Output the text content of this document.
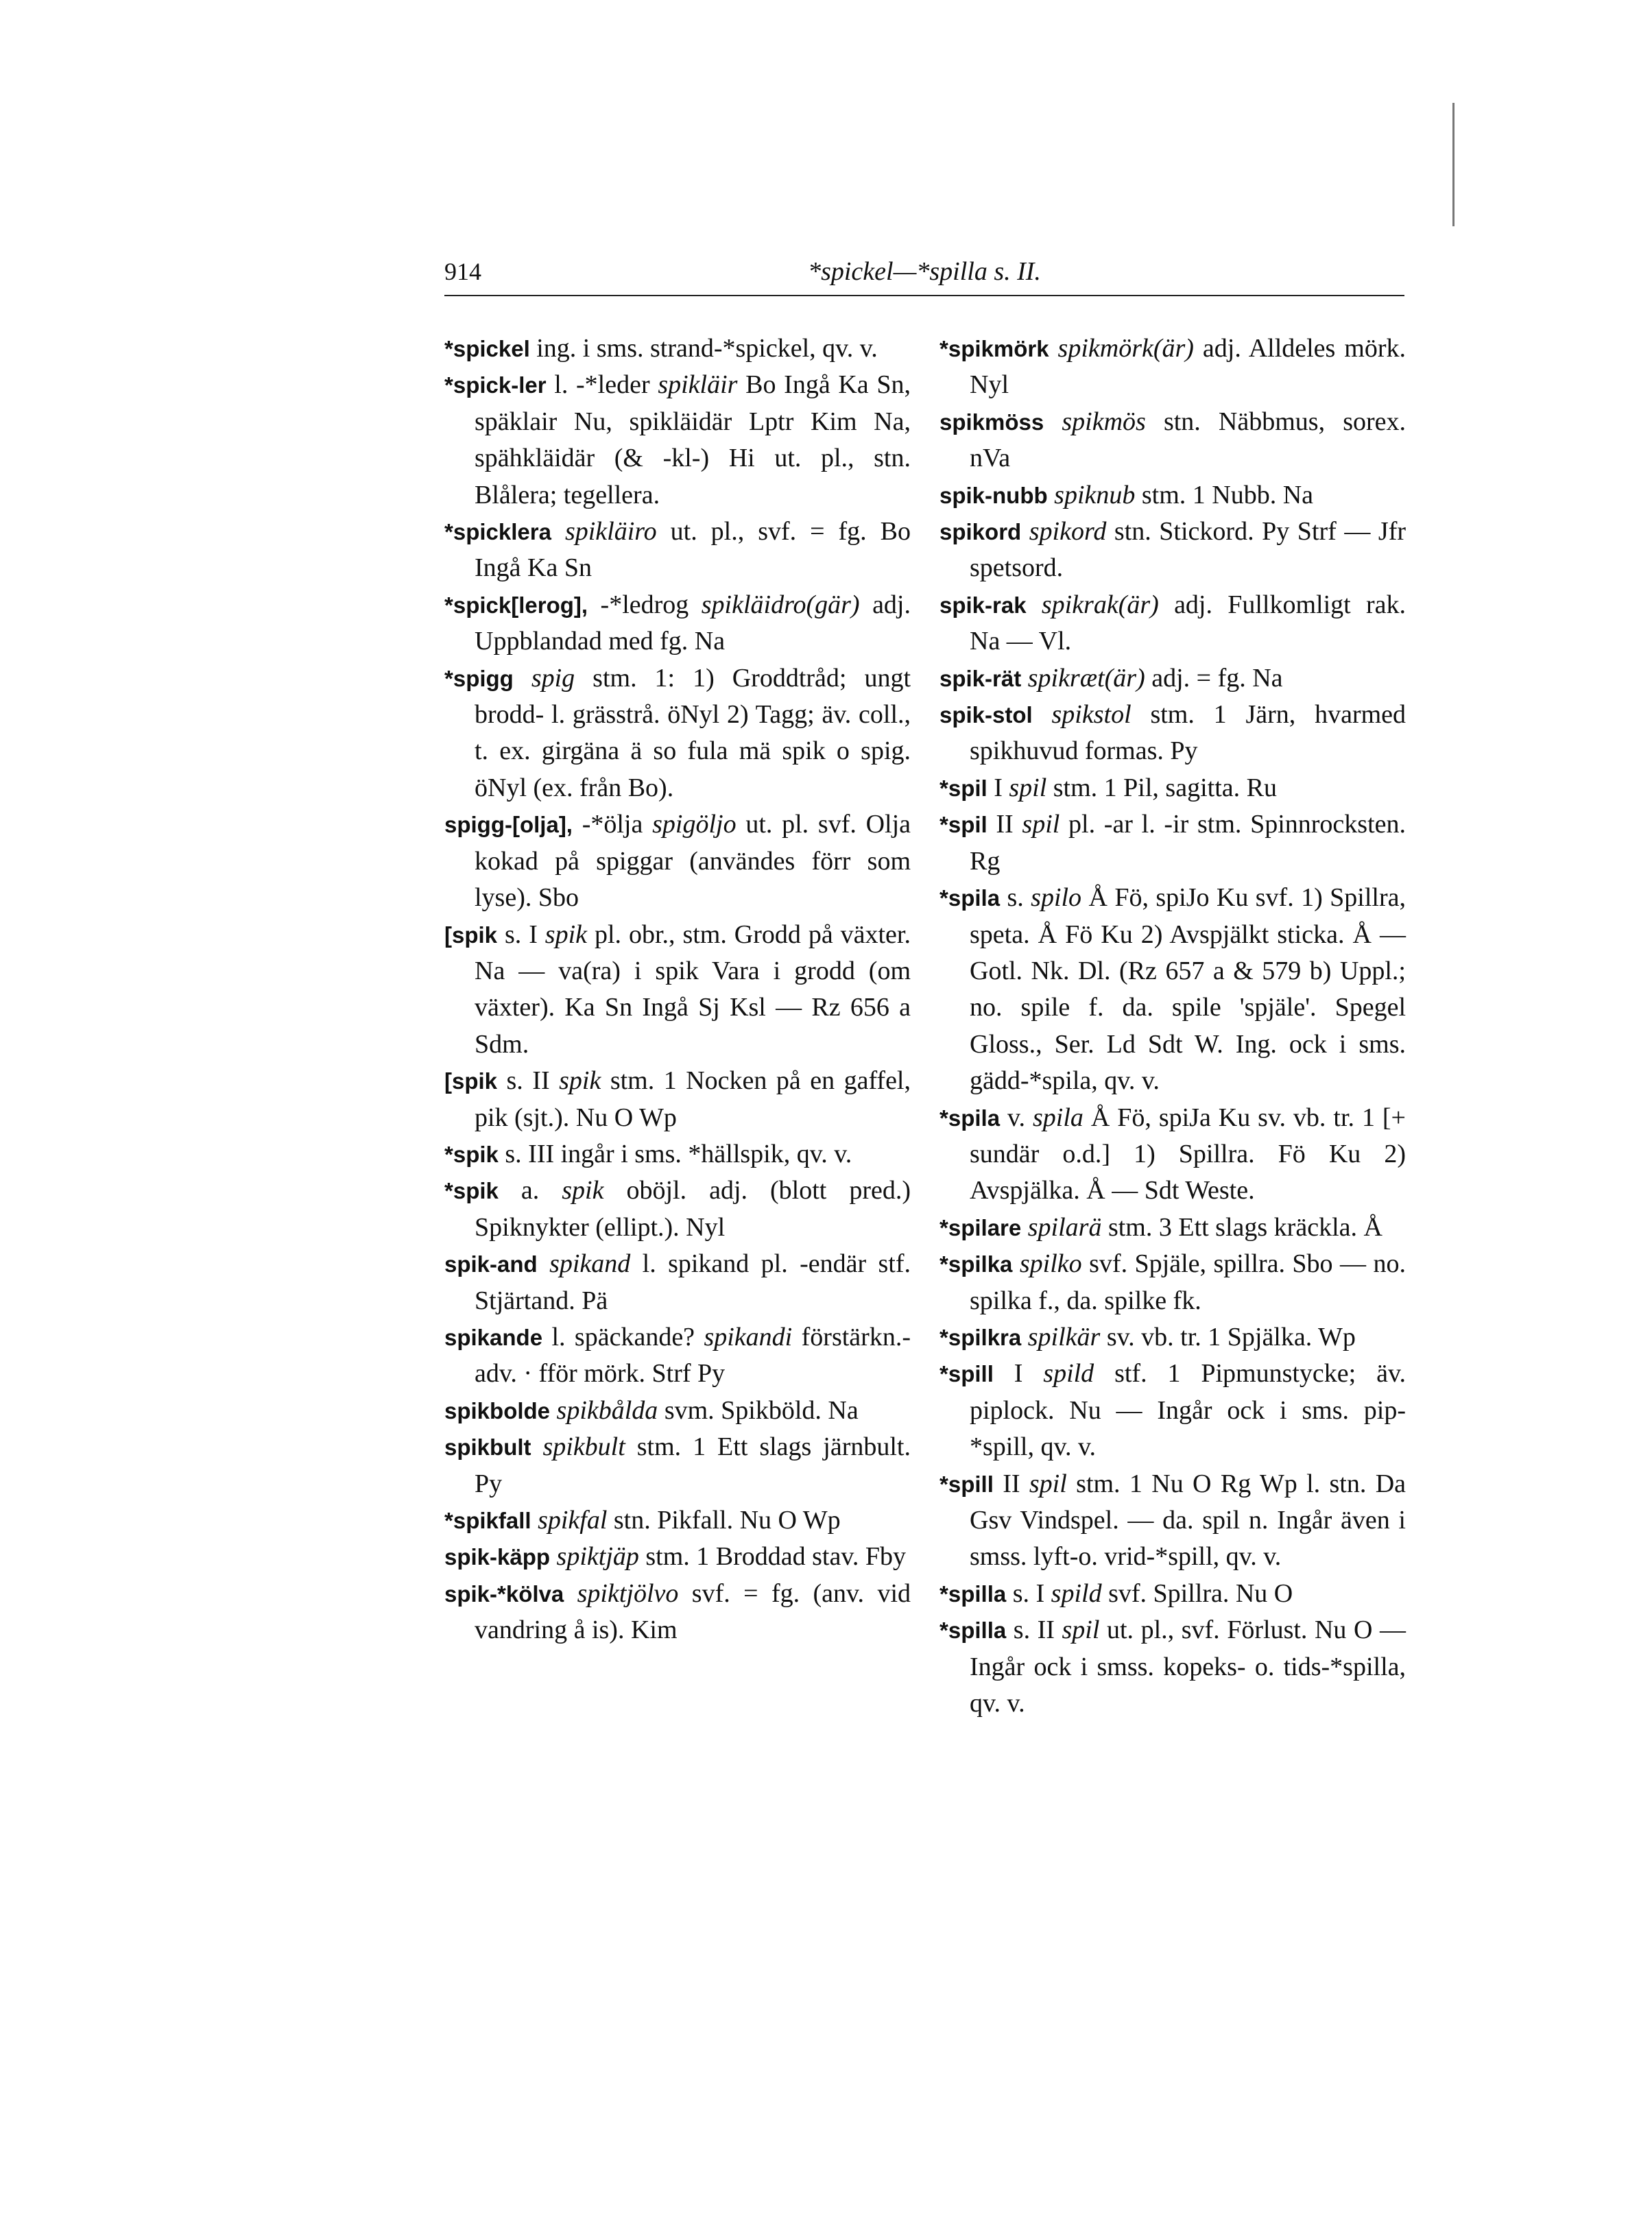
914	*spickel—*spilla s. II.
*spickel ing. i sms. strand-*spickel, qv. v.
*spick-ler l. -*leder spikläir Bo Ingå Ka Sn, späklair Nu, spikläidär Lptr Kim Na, spähkläidär (& -kl-) Hi ut. pl., stn. Blålera; tegellera.
*spicklera spikläiro ut. pl., svf. = fg. Bo Ingå Ka Sn
*spick[lerog], -*ledrog spikläidro(gär) adj. Uppblandad med fg. Na
*spigg spig stm. 1: 1) Groddtråd; ungt brodd- l. grässtrå. öNyl 2) Tagg; äv. coll., t. ex. girgäna ä so fula mä spik o spig. öNyl (ex. från Bo).
spigg-[olja], -*ölja spigöljo ut. pl. svf. Olja kokad på spiggar (användes förr som lyse). Sbo
[spik s. I spik pl. obr., stm. Grodd på växter. Na — va(ra) i spik Vara i grodd (om växter). Ka Sn Ingå Sj Ksl — Rz 656 a Sdm.
[spik s. II spik stm. 1 Nocken på en gaffel, pik (sjt.). Nu O Wp
*spik s. III ingår i sms. *hällspik, qv. v.
*spik a. spik oböjl. adj. (blott pred.) Spiknykter (ellipt.). Nyl
spik-and spikand l. spikand pl. -endär stf. Stjärtand. Pä
spikande l. späckande? spikandi förstärkn.-adv. · fför mörk. Strf Py
spikbolde spikbålda svm. Spikböld. Na
spikbult spikbult stm. 1 Ett slags järnbult. Py
*spikfall spikfal stn. Pikfall. Nu O Wp
spik-käpp spiktjäp stm. 1 Broddad stav. Fby
spik-*kölva spiktjölvo svf. = fg. (anv. vid vandring å is). Kim
*spikmörk spikmörk(är) adj. Alldeles mörk. Nyl
spikmöss spikmös stn. Näbbmus, sorex. nVa
spik-nubb spiknub stm. 1 Nubb. Na
spikord spikord stn. Stickord. Py Strf — Jfr spetsord.
spik-rak spikrak(är) adj. Fullkomligt rak. Na — Vl.
spik-rät spikræt(är) adj. = fg. Na
spik-stol spikstol stm. 1 Järn, hvarmed spikhuvud formas. Py
*spil I spil stm. 1 Pil, sagitta. Ru
*spil II spil pl. -ar l. -ir stm. Spinnrocksten. Rg
*spila s. spilo Å Fö, spiJo Ku svf. 1) Spillra, speta. Å Fö Ku 2) Avspjälkt sticka. Å — Gotl. Nk. Dl. (Rz 657 a & 579 b) Uppl.; no. spile f. da. spile 'spjäle'. Spegel Gloss., Ser. Ld Sdt W. Ing. ock i sms. gädd-*spila, qv. v.
*spila v. spila Å Fö, spiJa Ku sv. vb. tr. 1 [+ sundär o.d.] 1) Spillra. Fö Ku 2) Avspjälka. Å — Sdt Weste.
*spilare spilarä stm. 3 Ett slags kräckla. Å
*spilka spilko svf. Spjäle, spillra. Sbo — no. spilka f., da. spilke fk.
*spilkra spilkär sv. vb. tr. 1 Spjälka. Wp
*spill I spild stf. 1 Pipmunstycke; äv. piplock. Nu — Ingår ock i sms. pip-*spill, qv. v.
*spill II spil stm. 1 Nu O Rg Wp l. stn. Da Gsv Vindspel. — da. spil n. Ingår även i smss. lyft-o. vrid-*spill, qv. v.
*spilla s. I spild svf. Spillra. Nu O
*spilla s. II spil ut. pl., svf. Förlust. Nu O — Ingår ock i smss. kopeks- o. tids-*spilla, qv. v.
